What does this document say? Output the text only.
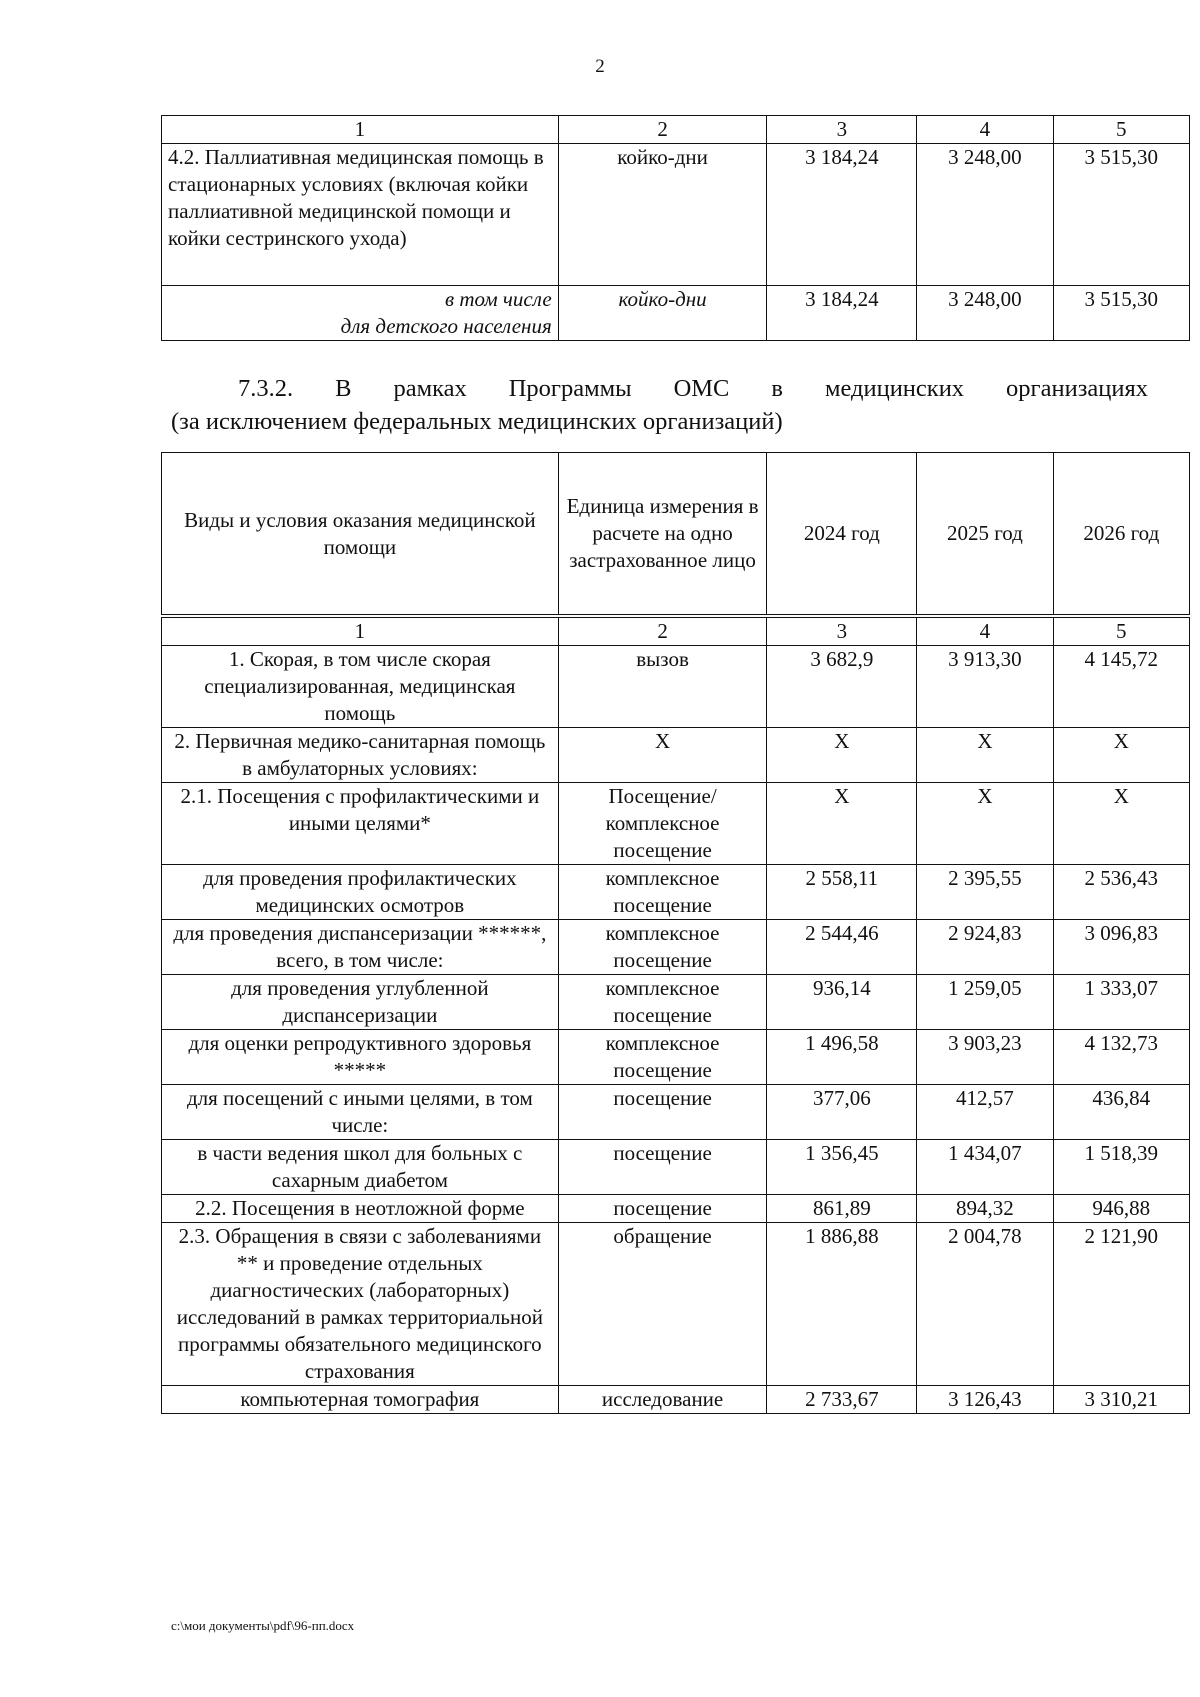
2
1	2	3	4	5
4.2. Паллиативная медицинская помощь в стационарных условиях (включая койки паллиативной медицинской помощи и койки сестринского ухода)	койко-дни	3 184,24	3 248,00	3 515,30

в том числе
для детского населения	койко-дни	3 184,24	3 248,00	3 515,30
7.3.2. В рамках Программы ОМС в медицинских организациях
(за исключением федеральных медицинских организаций)
Виды и условия оказания медицинской помощи	Единица измерения в расчете на одно застрахованное лицо	2024 год	2025 год	2026 год
1	2	3	4	5
1. Скорая, в том числе скорая специализированная, медицинская помощь	вызов	3 682,9	3 913,30	4 145,72
2. Первичная медико-санитарная помощь в амбулаторных условиях:	Х	Х	Х	Х
2.1. Посещения с профилактическими и иными целями*	Посещение/ комплексное посещение	Х	Х	Х
для проведения профилактических медицинских осмотров	комплексное посещение	2 558,11	2 395,55	2 536,43
для проведения диспансеризации ******, всего, в том числе:	комплексное посещение	2 544,46	2 924,83	3 096,83
для проведения углубленной диспансеризации	комплексное посещение	936,14	1 259,05	1 333,07
для оценки репродуктивного здоровья *****	комплексное посещение	1 496,58	3 903,23	4 132,73
для посещений с иными целями, в том числе:	посещение	377,06	412,57	436,84
в части ведения школ для больных с сахарным диабетом	посещение	1 356,45	1 434,07	1 518,39
2.2. Посещения в неотложной форме	посещение	861,89	894,32	946,88
2.3. Обращения в связи с заболеваниями ** и проведение отдельных диагностических (лабораторных) исследований в рамках территориальной программы обязательного медицинского страхования	обращение	1 886,88	2 004,78	2 121,90
компьютерная томография	исследование	2 733,67	3 126,43	3 310,21
c:\мои документы\pdf\96-пп.docx
